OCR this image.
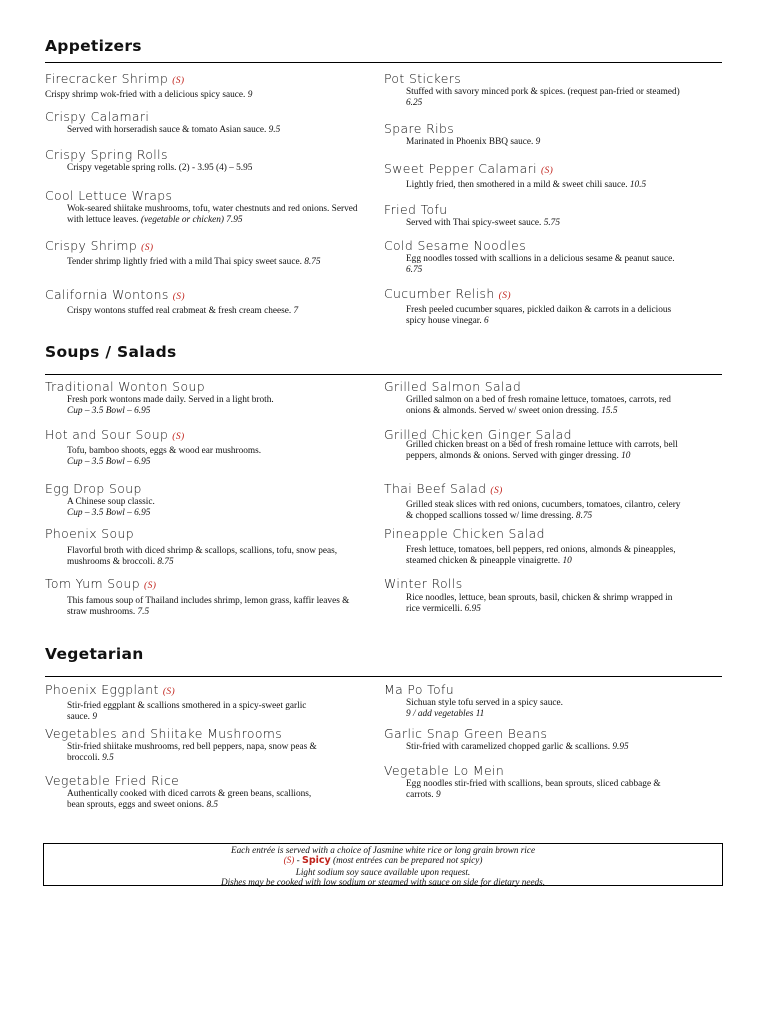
Appetizers
Firecracker Shrimp (S)
Crispy shrimp wok-fried with a delicious spicy sauce. 9
Crispy Calamari
Served with horseradish sauce & tomato Asian sauce. 9.5
Crispy Spring Rolls
Crispy vegetable spring rolls. (2) - 3.95 (4) – 5.95
Cool Lettuce Wraps
Wok-seared shiitake mushrooms, tofu, water chestnuts and red onions. Served with lettuce leaves. (vegetable or chicken) 7.95
Crispy Shrimp (S)
Tender shrimp lightly fried with a mild Thai spicy sweet sauce. 8.75
California Wontons (S)
Crispy wontons stuffed real crabmeat & fresh cream cheese. 7
Pot Stickers
Stuffed with savory minced pork & spices. (request pan-fried or steamed) 6.25
Spare Ribs
Marinated in Phoenix BBQ sauce. 9
Sweet Pepper Calamari (S)
Lightly fried, then smothered in a mild & sweet chili sauce. 10.5
Fried Tofu
Served with Thai spicy-sweet sauce. 5.75
Cold Sesame Noodles
Egg noodles tossed with scallions in a delicious sesame & peanut sauce. 6.75
Cucumber Relish (S)
Fresh peeled cucumber squares, pickled daikon & carrots in a delicious spicy house vinegar. 6
Soups / Salads
Traditional Wonton Soup
Fresh pork wontons made daily. Served in a light broth.
Cup – 3.5 Bowl – 6.95
Hot and Sour Soup (S)
Tofu, bamboo shoots, eggs & wood ear mushrooms.
Cup – 3.5 Bowl – 6.95
Egg Drop Soup
A Chinese soup classic.
Cup – 3.5 Bowl – 6.95
Phoenix Soup
Flavorful broth with diced shrimp & scallops, scallions, tofu, snow peas, mushrooms & broccoli. 8.75
Tom Yum Soup (S)
This famous soup of Thailand includes shrimp, lemon grass, kaffir leaves & straw mushrooms. 7.5
Grilled Salmon Salad
Grilled salmon on a bed of fresh romaine lettuce, tomatoes, carrots, red onions & almonds. Served w/ sweet onion dressing. 15.5
Grilled Chicken Ginger Salad
Grilled chicken breast on a bed of fresh romaine lettuce with carrots, bell peppers, almonds & onions. Served with ginger dressing. 10
Thai Beef Salad (S)
Grilled steak slices with red onions, cucumbers, tomatoes, cilantro, celery & chopped scallions tossed w/ lime dressing. 8.75
Pineapple Chicken Salad
Fresh lettuce, tomatoes, bell peppers, red onions, almonds & pineapples, steamed chicken & pineapple vinaigrette. 10
Winter Rolls
Rice noodles, lettuce, bean sprouts, basil, chicken & shrimp wrapped in rice vermicelli. 6.95
Vegetarian
Phoenix Eggplant (S)
Stir-fried eggplant & scallions smothered in a spicy-sweet garlic sauce. 9
Vegetables and Shiitake Mushrooms
Stir-fried shiitake mushrooms, red bell peppers, napa, snow peas & broccoli. 9.5
Vegetable Fried Rice
Authentically cooked with diced carrots & green beans, scallions, bean sprouts, eggs and sweet onions. 8.5
Ma Po Tofu
Sichuan style tofu served in a spicy sauce.
9 / add vegetables 11
Garlic Snap Green Beans
Stir-fried with caramelized chopped garlic & scallions. 9.95
Vegetable Lo Mein
Egg noodles stir-fried with scallions, bean sprouts, sliced cabbage & carrots. 9
Each entrée is served with a choice of Jasmine white rice or long grain brown rice
(S) - Spicy (most entrées can be prepared not spicy)
Light sodium soy sauce available upon request.
Dishes may be cooked with low sodium or steamed with sauce on side for dietary needs.
